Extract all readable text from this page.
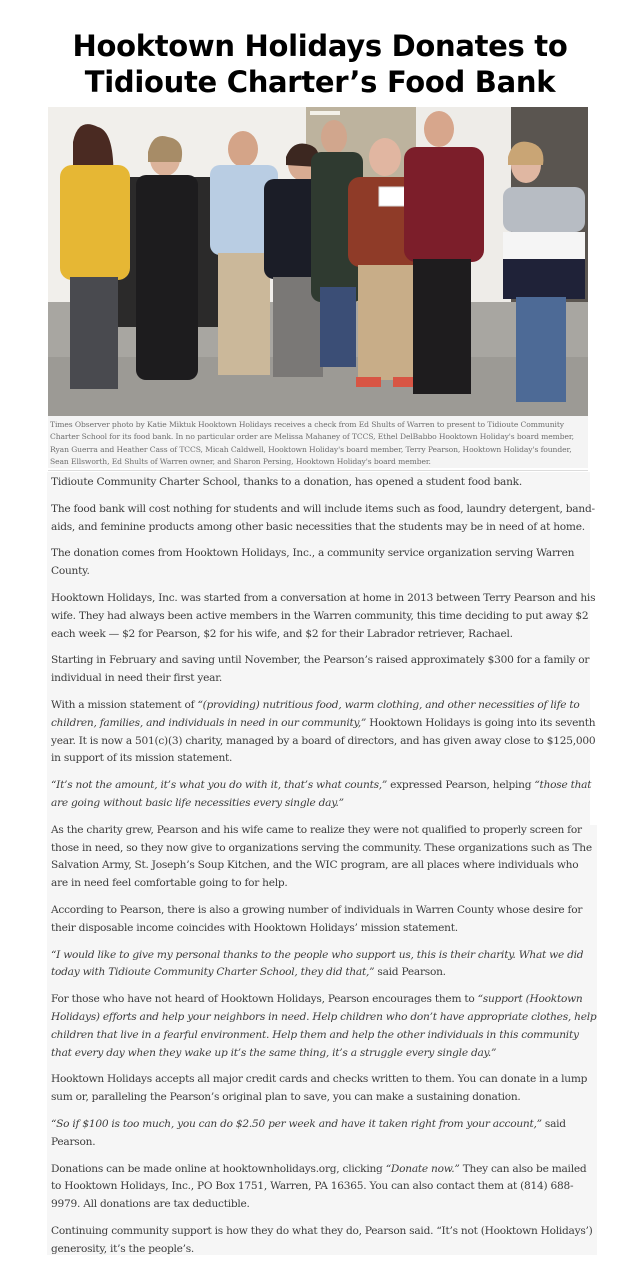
Hooktown Holidays Donates to
Tidioute Charter’s Food Bank
Times Observer photo by Katie Miktuk Hooktown Holidays receives a check from Ed Shults of Warren to present to Tidioute Community Charter School for its food bank. In no particular order are Melissa Mahaney of TCCS, Ethel DelBabbo Hooktown Holiday's board member, Ryan Guerra and Heather Cass of TCCS, Micah Caldwell, Hooktown Holiday's board member, Terry Pearson, Hooktown Holiday's founder, Sean Ellsworth, Ed Shults of Warren owner, and Sharon Persing, Hooktown Holiday's board member.

Tidioute Community Charter School, thanks to a donation, has opened a student food bank.

The food bank will cost nothing for students and will include items such as food, laundry detergent, band-aids, and feminine products among other basic necessities that the students may be in need of at home.

The donation comes from Hooktown Holidays, Inc., a community service organization serving Warren County.

Hooktown Holidays, Inc. was started from a conversation at home in 2013 between Terry Pearson and his wife. They had always been active members in the Warren community, this time deciding to put away $2 each week — $2 for Pearson, $2 for his wife, and $2 for their Labrador retriever, Rachael.

Starting in February and saving until November, the Pearson’s raised approximately $300 for a family or individual in need their first year.

With a mission statement of “(providing) nutritious food, warm clothing, and other necessities of life to children, families, and individuals in need in our community,” Hooktown Holidays is going into its seventh year. It is now a 501(c)(3) charity, managed by a board of directors, and has given away close to $125,000 in support of its mission statement.

“It’s not the amount, it’s what you do with it, that’s what counts,” expressed Pearson, helping “those that are going without basic life necessities every single day.”

As the charity grew, Pearson and his wife came to realize they were not qualified to properly screen for those in need, so they now give to organizations serving the community. These organizations such as The Salvation Army, St. Joseph’s Soup Kitchen, and the WIC program, are all places where individuals who are in need feel comfortable going to for help.

According to Pearson, there is also a growing number of individuals in Warren County whose desire for their disposable income coincides with Hooktown Holidays’ mission statement.

“I would like to give my personal thanks to the people who support us, this is their charity. What we did today with Tidioute Community Charter School, they did that,” said Pearson.

For those who have not heard of Hooktown Holidays, Pearson encourages them to “support (Hooktown Holidays) efforts and help your neighbors in need. Help children who don’t have appropriate clothes, help children that live in a fearful environment. Help them and help the other individuals in this community that every day when they wake up it’s the same thing, it’s a struggle every single day.”

Hooktown Holidays accepts all major credit cards and checks written to them. You can donate in a lump sum or, paralleling the Pearson’s original plan to save, you can make a sustaining donation.

“So if $100 is too much, you can do $2.50 per week and have it taken right from your account,” said Pearson.

Donations can be made online at hooktownholidays.org, clicking “Donate now.” They can also be mailed to Hooktown Holidays, Inc., PO Box 1751, Warren, PA 16365. You can also contact them at (814) 688-9979. All donations are tax deductible.

Continuing community support is how they do what they do, Pearson said. “It’s not (Hooktown Holidays’) generosity, it’s the people’s.
